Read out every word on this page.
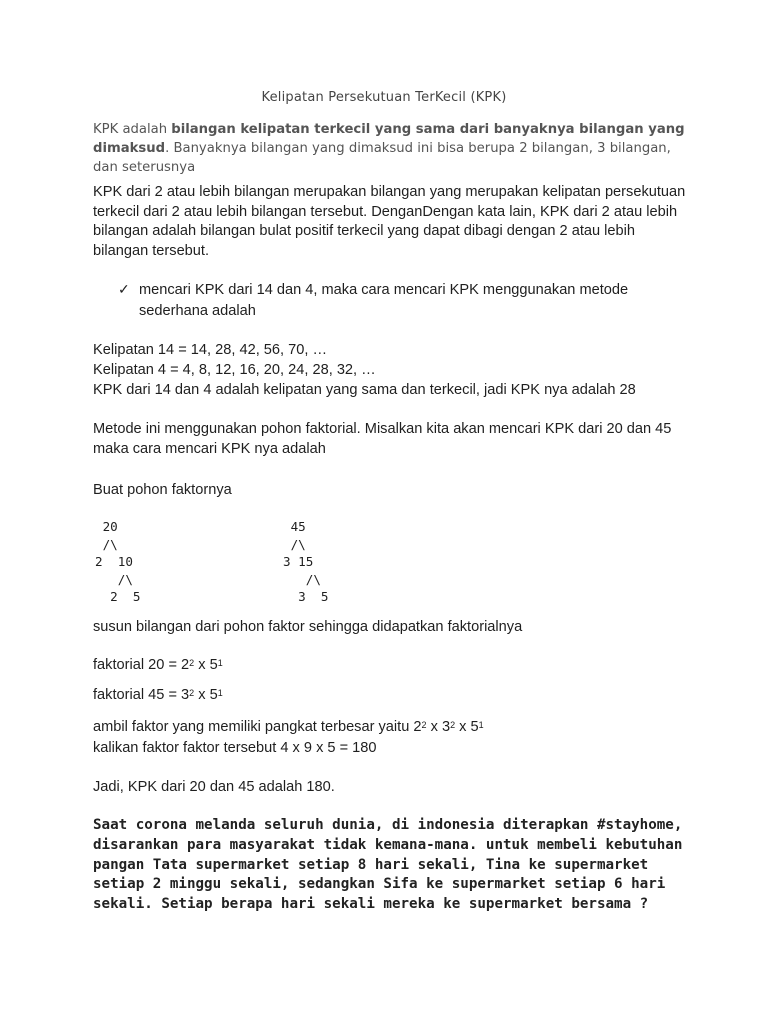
Kelipatan Persekutuan TerKecil (KPK)
KPK adalah bilangan kelipatan terkecil yang sama dari banyaknya bilangan yang dimaksud. Banyaknya bilangan yang dimaksud ini bisa berupa 2 bilangan, 3 bilangan, dan seterusnya
KPK dari 2 atau lebih bilangan merupakan bilangan yang merupakan kelipatan persekutuan terkecil dari 2 atau lebih bilangan tersebut. DenganDengan kata lain, KPK dari 2 atau lebih bilangan adalah bilangan bulat positif terkecil yang dapat dibagi dengan 2 atau lebih bilangan tersebut.
✓ mencari KPK dari 14 dan 4, maka cara mencari KPK menggunakan metode sederhana adalah
Kelipatan 14 = 14, 28, 42, 56, 70, …
Kelipatan 4 = 4, 8, 12, 16, 20, 24, 28, 32, …
KPK dari 14 dan 4 adalah kelipatan yang sama dan terkecil, jadi KPK nya adalah 28
Metode ini menggunakan pohon faktorial. Misalkan kita akan mencari KPK dari 20 dan 45 maka cara mencari KPK nya adalah
Buat pohon faktornya
20
/\
2  10
/\
2  5
45
/\
3 15
/\
3  5
susun bilangan dari pohon faktor sehingga didapatkan faktorialnya
faktorial $20 = 2^2$ x $5^1$
faktorial $45 = 3^2$ x $5^1$
ambil faktor yang memiliki pangkat terbesar yaitu $2^2$ x $3^2$ x $5^1$
kalikan faktor faktor tersebut 4 x 9 x 5 = 180
Jadi, KPK dari 20 dan 45 adalah 180.
Saat corona melanda seluruh dunia, di indonesia diterapkan #stayhome, disarankan para masyarakat tidak kemana-mana. untuk membeli kebutuhan pangan Tata supermarket setiap 8 hari sekali, Tina ke supermarket setiap 2 minggu sekali, sedangkan Sifa ke supermarket setiap 6 hari sekali. Setiap berapa hari sekali mereka ke supermarket bersama ?
